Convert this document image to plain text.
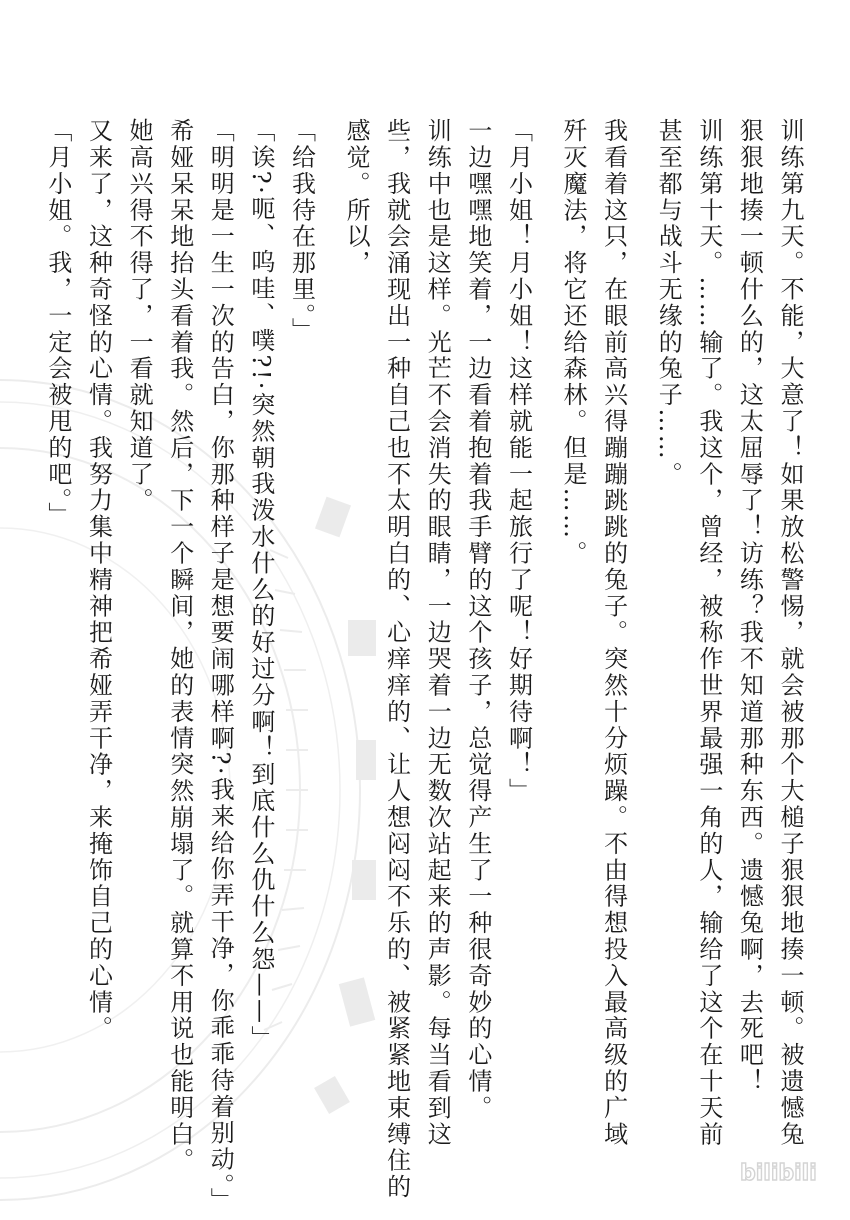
训练第九天。不能，大意了！如果放松警惕，就会被那个大槌子狠狠地揍一顿。被遗憾兔
狠狠地揍一顿什么的，这太屈辱了！访练？我不知道那种东西。遗憾兔啊，去死吧！
训练第十天。……输了。我这个，曾经，被称作世界最强一角的人，输给了这个在十天前
甚至都与战斗无缘的兔子……。
我看着这只，在眼前高兴得蹦蹦跳跳的兔子。突然十分烦躁。不由得想投入最高级的广域
歼灭魔法，将它还给森林。但是……。
「月小姐！月小姐！这样就能一起旅行了呢！好期待啊！」
一边嘿嘿地笑着，一边看着抱着我手臂的这个孩子，总觉得产生了一种很奇妙的心情。
训练中也是这样。光芒不会消失的眼睛，一边哭着一边无数次站起来的声影。每当看到这
些，我就会涌现出一种自己也不太明白的、心痒痒的、让人想闷闷不乐的、被紧紧地束缚住的
感觉。所以，
「给我待在那里。」
「诶?·呃、呜哇、噗?!·突然朝我泼水什么的好过分啊！到底什么仇什么怨——」
「明明是一生一次的告白，你那种样子是想要闹哪样啊?·我来给你弄干净，你乖乖待着别动。」
希娅呆呆地抬头看着我。然后，下一个瞬间，她的表情突然崩塌了。就算不用说也能明白。
她高兴得不得了，一看就知道了。
又来了，这种奇怪的心情。我努力集中精神把希娅弄干净，来掩饰自己的心情。
「月小姐。我，一定会被甩的吧。」
bilibili
